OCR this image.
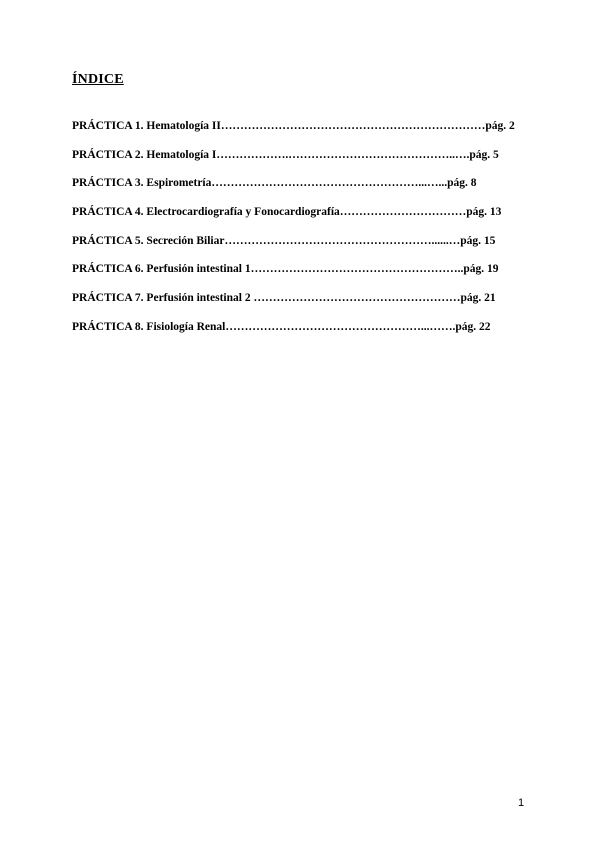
ÍNDICE
PRÁCTICA 1. Hematología II……………………………………………………………pág. 2
PRÁCTICA 2. Hematología I……………….……………………………………..….pág. 5
PRÁCTICA 3. Espirometría………………………………………………...…...pág. 8
PRÁCTICA 4. Electrocardiografía y Fonocardiografía……………………………pág. 13
PRÁCTICA 5. Secreción Biliar………………………………………………......…pág. 15
PRÁCTICA 6. Perfusión intestinal 1………………………………………………..pág. 19
PRÁCTICA 7. Perfusión intestinal 2 ………………………………………………pág. 21
PRÁCTICA 8. Fisiología Renal……………………………………………...…….pág. 22
1
